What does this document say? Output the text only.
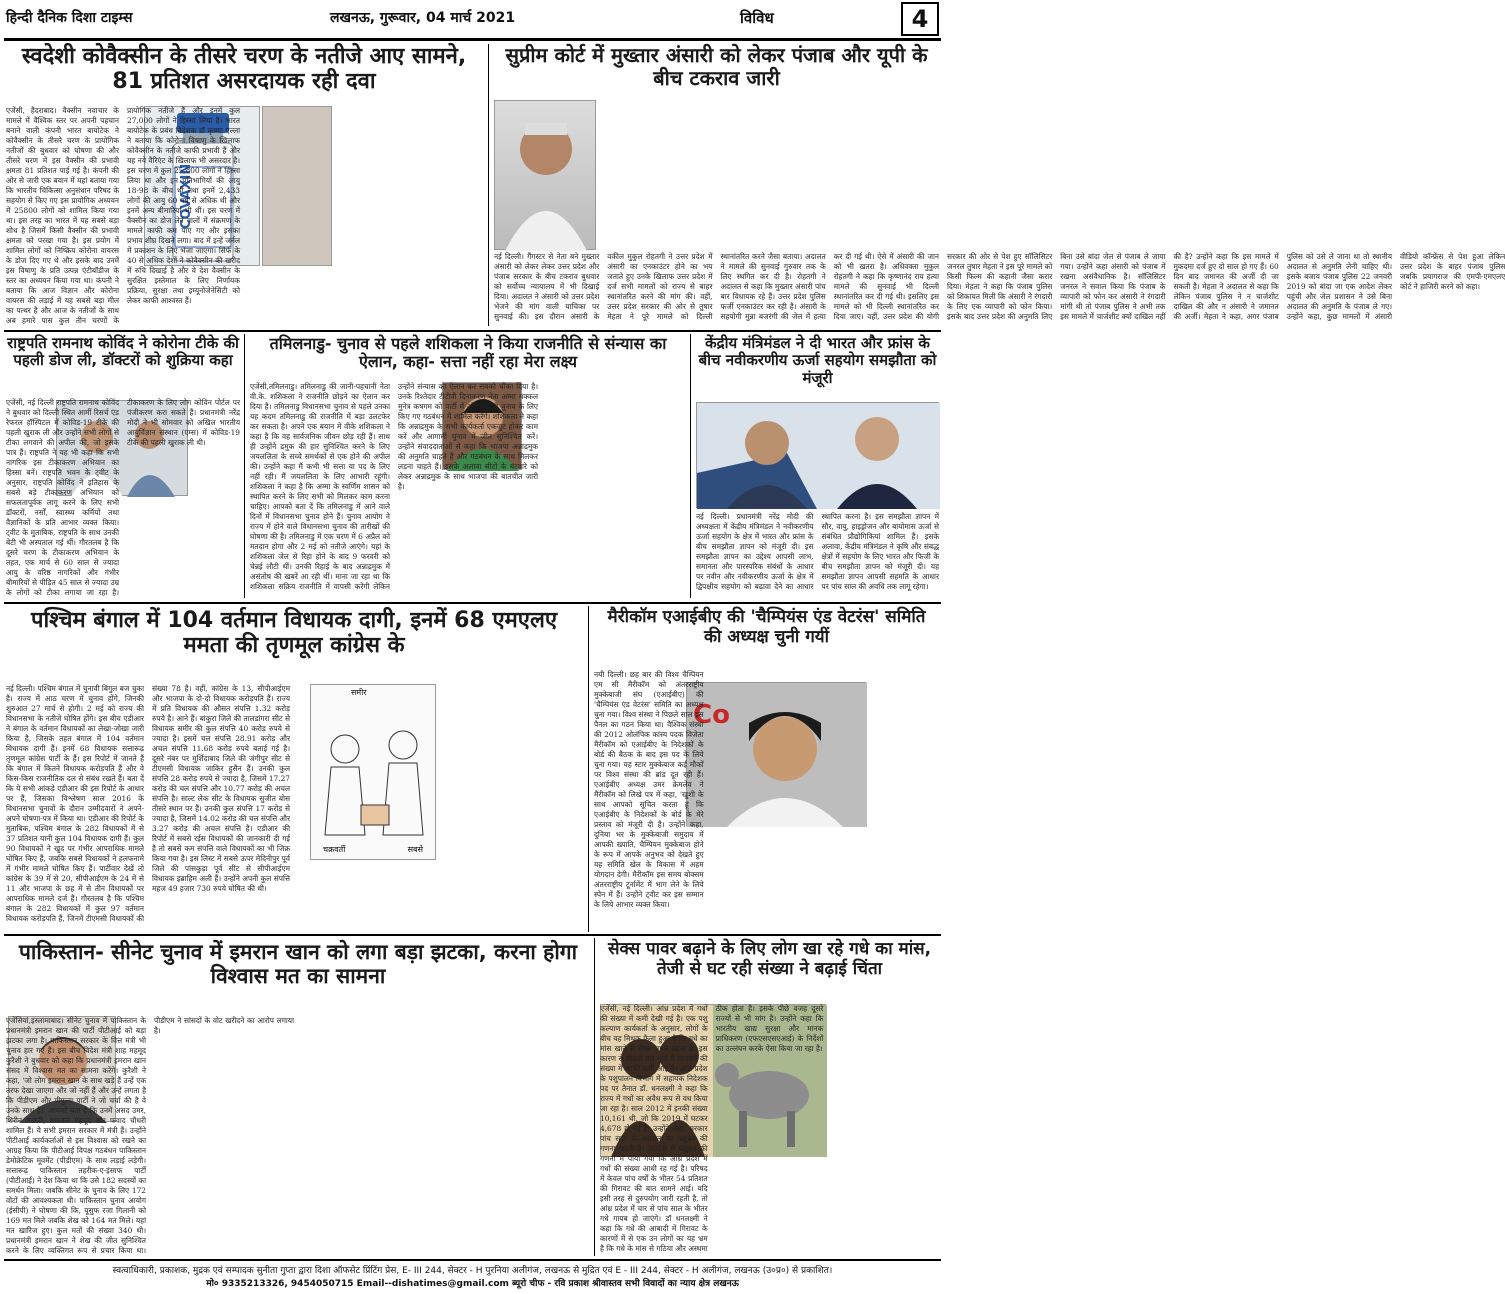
हिन्दी दैनिक दिशा टाइम्स	लखनऊ, गुरूवार, 04 मार्च 2021	विविध	4
स्वदेशी कोवैक्सीन के तीसरे चरण के नतीजे आए सामने, 81 प्रतिशत असरदायक रही दवा
COVAXIN
एजेंसी, हैदराबाद। वैक्सीन नवाचार के मामले में वैश्विक स्तर पर अपनी पहचान बनाने वाली कंपनी भारत बायोटेक ने कोवैक्सीन के तीसरे चरण के प्रायोगिक नतीजों की बुधवार को घोषणा की और तीसरे चरण में इस वैक्सीन की प्रभावी क्षमता 81 प्रतिशत पाई गई है। कंपनी की ओर से जारी एक बयान में यहां बताया गया कि भारतीय चिकित्सा अनुसंधान परिषद के सहयोग से किए गए इस प्रायोगिक अध्ययन में 25800 लोगों को शामिल किया गया था। इस तरह का भारत में यह सबसे बड़ा शोध है जिसमें किसी वैक्सीन की प्रभावी क्षमता को परखा गया है। इस प्रयोग में शामिल लोगों को निष्क्रिय कोरोना वायरस के डोज दिए गए थे और इसके बाद उनमें इस विषाणु के प्रति उत्पन्न एंटीबॉडीज के स्तर का अध्ययन किया गया था। कंपनी ने बताया कि आज विज्ञान और कोरोना वायरस की लड़ाई में यह सबसे बड़ा मील का पत्थर है और आज के नतीजों के साथ अब हमारे पास कुल तीन चरणों के प्रायोगिक नतीजे हैं और इनमें कुल 27,000 लोगों ने हिस्सा लिया है। भारत बायोटेक के प्रबंध निदेशक डॉ कृष्णा एल्ला ने बताया कि कोरोना विषाणु के खिलाफ कोवैक्सीन के नतीजे काफी प्रभावी हैं और यह नये वैरिएंट के खिलाफ भी असरदार है। इस चरण में कुल 25,800 लोगों ने हिस्सा लिया था और इन प्रतिभागियों की आयु 18-98 के बीच थी तथा इनमें 2,433 लोगों की आयु 60 वर्ष से अधिक थी और इनमें अन्य बीमारियां भी थीं। इस चरण में वैक्सीन का डोज लेने वालों में संक्रमण के मामले काफी कम पाए गए और इसका प्रभाव शीघ्र दिखने लगा। बाद में इन्हें जर्नल में प्रकाशन के लिए भेजा जाएगा। सिर्फ के 40 से अधिक देशों ने कोवैक्सीन की खरीद में रुचि दिखाई है और ये देश वैक्सीन के सुरक्षित इस्तेमाल के लिए निर्णायक प्रक्रिया, सुरक्षा तथा इम्यूनोजेनेसिटी को लेकर काफी आश्वस्त हैं।
सुप्रीम कोर्ट में मुख्तार अंसारी को लेकर पंजाब और यूपी के बीच टकराव जारी
नई दिल्ली। गैंगस्टर से नेता बने मुख्तार अंसारी को लेकर लेकर उत्तर प्रदेश और पंजाब सरकार के बीच टकराव बुधवार को सर्वोच्च न्यायालय में भी दिखाई दिया। अदालत ने अंसारी को उत्तर प्रदेश भेजने की मांग वाली याचिका पर सुनवाई की। इस दौरान अंसारी के वकील मुकुल रोहतगी ने उत्तर प्रदेश में अंसारी का एनकाउंटर होने का भय जताते हुए उनके खिलाफ उत्तर प्रदेश में दर्ज सभी मामलों को राज्य से बाहर स्थानांतरित करने की मांग की। वहीं, उत्तर प्रदेश सरकार की ओर से तुषार मेहता ने पूरे मामले को दिल्ली स्थानांतरित करने जैसा बताया। अदालत ने मामले की सुनवाई गुरुवार तक के लिए स्थगित कर दी है। रोहतगी ने अदालत से कहा कि मुख्तार अंसारी पांच बार विधायक रहे हैं। उत्तर प्रदेश पुलिस फर्जी एनकाउंटर कर रही है। अंसारी के सहयोगी मुन्ना बजरंगी की जेल में हत्या कर दी गई थी। ऐसे में अंसारी की जान को भी खतरा है। अधिवक्ता मुकुल रोहतगी ने कहा कि कृष्णानंद राय हत्या मामले की सुनवाई भी दिल्ली स्थानांतरित कर दी गई थी। इसलिए इस मामले को भी दिल्ली स्थानांतरित कर दिया जाए। वहीं, उत्तर प्रदेश की योगी सरकार की ओर से पेश हुए सॉलिसिटर जनरल तुषार मेहता ने इस पूरे मामले को किसी फिल्म की कहानी जैसा करार दिया। मेहता ने कहा कि पंजाब पुलिस को शिकायत मिली कि अंसारी ने रंगदारी के लिए एक व्यापारी को फोन किया। इसके बाद उत्तर प्रदेश की अनुमति लिए बिना उसे बांदा जेल से पंजाब ले जाया गया। उन्होंने कहा अंसारी को पंजाब में रखना असंवैधानिक है। सॉलिसिटर जनरल ने सवाल किया कि पंजाब के व्यापारी को फोन कर अंसारी ने रंगदारी मांगी थी तो पंजाब पुलिस ने अभी तक इस मामले में चार्जशीट क्यों दाखिल नहीं की है? उन्होंने कहा कि इस मामले में मुकदमा दर्ज हुए दो साल हो गए हैं। 60 दिन बाद जमानत की अर्जी दी जा सकती है। मेहता ने अदालत से कहा कि लेकिन पंजाब पुलिस ने न चार्जशीट दाखिल की और न अंसारी ने जमानत की अर्जी। मेहता ने कहा, अगर पंजाब पुलिस को उसे ले जाना था तो स्थानीय अदालत से अनुमति लेनी चाहिए थी। इसके बजाय पंजाब पुलिस 22 जनवरी 2019 को बांदा जा एक आदेश लेकर पहुंची और जेल प्रशासन ने उसे बिना अदालत की अनुमति के पंजाब ले गए। उन्होंने कहा, कुछ मामलों में अंसारी वीडियो कॉन्फ्रेंस से पेश हुआ लेकिन उत्तर प्रदेश के बाहर पंजाब पुलिस जबकि प्रयागराज की एमपी-एमएलए कोर्ट ने हाजिरी करने को कहा।
राष्ट्रपति रामनाथ कोविंद ने कोरोना टीके की पहली डोज ली, डॉक्टरों को शुक्रिया कहा
एजेंसी, नई दिल्ली राष्ट्रपति रामनाथ कोविंद ने बुधवार को दिल्ली स्थित आर्मी रिसर्च एंड रेफरल हॉस्पिटल में कोविड-19 टीके की पहली खुराक ली और उन्होंने सभी लोगों से टीका लगवाने की अपील की, जो इसके पात्र हैं। राष्ट्रपति ने यह भी कहा कि सभी नागरिक इस टीकाकरण अभियान का हिस्सा बनें। राष्ट्रपति भवन के ट्वीट के अनुसार, राष्ट्रपति कोविंद ने इतिहास के सबसे बड़े टीकाकरण अभियान को सफलतापूर्वक लागू करने के लिए सभी डॉक्टरों, नर्सों, स्वास्थ्य कर्मियों तथा वैज्ञानिकों के प्रति आभार व्यक्त किया। ट्वीट के मुताबिक, राष्ट्रपति के साथ उनकी बेटी भी अस्पताल गई थीं। गौरतलब है कि दूसरे चरण के टीकाकरण अभियान के तहत, एक मार्च से 60 साल से ज्यादा आयु के वरिष्ठ नागरिकों और गंभीर बीमारियों से पीड़ित 45 साल से ज्यादा उम्र के लोगों को टीका लगाया जा रहा है। टीकाकरण के लिए लोग कोविन पोर्टल पर पंजीकरण करा सकते हैं। प्रधानमंत्री नरेंद्र मोदी ने भी सोमवार को अखिल भारतीय आयुर्विज्ञान संस्थान (एम्स) में कोविड-19 टीके की पहली खुराक ली थी।
तमिलनाडु- चुनाव से पहले शशिकला ने किया राजनीति से संन्यास का ऐलान, कहा- सत्ता नहीं रहा मेरा लक्ष्य
एजेंसी,तमिलनाडु। तमिलनाडु की जानी-पहचानी नेता वी.के. शशिकला ने राजनीति छोड़ने का ऐलान कर दिया है। तमिलनाडु विधानसभा चुनाव से पहले उनका यह कदम तमिलनाडु की राजनीति में बड़ा उलटफेर कर सकता है। अपने एक बयान में वीके शशिकला ने कहा है कि वह सार्वजनिक जीवन छोड़ रही हैं। साथ ही उन्होंने द्रमुक की हार सुनिश्चित करने के लिए जयललिता के सच्चे समर्थकों से एक होने की अपील की। उन्होंने कहा मैं कभी भी सत्ता या पद के लिए नहीं रही। मैं जयललिता के लिए आभारी रहूंगी। शशिकला ने कहा है कि अम्मा के स्वर्णिम शासन को स्थापित करने के लिए सभी को मिलकर काम करना चाहिए। आपको बता दें कि तमिलनाडु में आने वाले दिनों में विधानसभा चुनाव होने हैं। चुनाव आयोग ने राज्य में होने वाले विधानसभा चुनाव की तारीखों की घोषणा की है। तमिलनाडु में एक चरण में 6 अप्रैल को मतदान होगा और 2 मई को नतीजे आएंगे। यहां के शशिकला जेल से रिहा होने के बाद 9 फरवरी को चेन्नई लौटी थीं। उनकी रिहाई के बाद अन्नाद्रमुक में असंतोष की खबरें आ रही थीं। माना जा रहा था कि शशिकला सक्रिय राजनीति में वापसी करेंगी लेकिन उन्होंने संन्यास का ऐलान कर सबको चौंका दिया है। उनके रिश्तेदार टीटीवी दिनाकरण नेता अम्मा मक्कल मुनेत्र कषगम को पार्टी में और वह भी चुनाव के लिए किए गए गठबंधन में शामिल करेंगे। शशिकला ने कहा कि अन्नाद्रमुक के सभी कार्यकर्ता एकजुट होकर काम करें और आगामी चुनाव में जीत सुनिश्चित करें। उन्होंने संवाददाताओं से कहा कि भाजपा अन्नाद्रमुक की अनुमति चाहते हैं और गठबंधन के साथ मिलकर लड़ना चाहते हैं। इसके अलावा सीटों के बंटवारे को लेकर अन्नाद्रमुक के साथ भाजपा की बातचीत जारी है।
केंद्रीय मंत्रिमंडल ने दी भारत और फ्रांस के बीच नवीकरणीय ऊर्जा सहयोग समझौता को मंजूरी
नई दिल्ली। प्रधानमंत्री नरेंद्र मोदी की अध्यक्षता में केंद्रीय मंत्रिमंडल ने नवीकरणीय ऊर्जा सहयोग के क्षेत्र में भारत और फ्रांस के बीच समझौता ज्ञापन को मंजूरी दी। इस समझौता ज्ञापन का उद्देश्य आपसी लाभ, समानता और पारस्परिक संबंधों के आधार पर नवीन और नवीकरणीय ऊर्जा के क्षेत्र में द्विपक्षीय सहयोग को बढ़ावा देने का आधार स्थापित करना है। इस समझौता ज्ञापन में सौर, वायु, हाइड्रोजन और बायोमास ऊर्जा से संबंधित प्रौद्योगिकियां शामिल हैं। इसके अलावा, केंद्रीय मंत्रिमंडल ने कृषि और संबद्ध क्षेत्रों में सहयोग के लिए भारत और फिजी के बीच समझौता ज्ञापन को मंजूरी दी। यह समझौता ज्ञापन आपसी सहमति के आधार पर पांच साल की अवधि तक लागू रहेगा।
पश्चिम बंगाल में 104 वर्तमान विधायक दागी, इनमें 68 एमएलए ममता की तृणमूल कांग्रेस के
समीर
चक्रवर्ती	सबसे
नई दिल्ली। पश्चिम बंगाल में चुनावी बिगुल बज चुका है। राज्य में आठ चरण में चुनाव होंगे, जिनकी शुरुआत 27 मार्च से होगी। 2 मई को राज्य की विधानसभा के नतीजे घोषित होंगे। इस बीच एडीआर ने बंगाल के वर्तमान विधायकों का लेखा-जोखा जारी किया है, जिसके तहत बंगाल में 104 वर्तमान विधायक दागी हैं। इनमें 68 विधायक सत्तारूढ़ तृणमूल कांग्रेस पार्टी के हैं। इस रिपोर्ट में जानते हैं कि बंगाल में कितने विधायक करोड़पति हैं और वे किस-किस राजनीतिक दल से संबंध रखते हैं। बता दें कि ये सभी आंकड़े एडीआर की इस रिपोर्ट के आधार पर हैं, जिसका विश्लेषण साल 2016 के विधानसभा चुनावों के दौरान उम्मीदवारों ने अपने-अपने घोषणा-पत्र में किया था। एडीआर की रिपोर्ट के मुताबिक, पश्चिम बंगाल के 282 विधायकों में से 37 प्रतिशत यानी कुल 104 विधायक दागी हैं। कुल 90 विधायकों ने खुद पर गंभीर आपराधिक मामले घोषित किए हैं, जबकि सबसे विधायकों ने हलफनामे में गंभीर मामले घोषित किए हैं। पार्टीवार देखें तो कांग्रेस के 39 में से 20, सीपीआईएम के 24 में से 11 और भाजपा के छह में से तीन विधायकों पर आपराधिक मामले दर्ज हैं। गौरतलब है कि पश्चिम बंगाल के 282 विधायकों में कुल 97 वर्तमान विधायक करोड़पति हैं, जिनमें टीएमसी विधायकों की संख्या 78 है। वहीं, कांग्रेस के 13, सीपीआईएम और भाजपा के दो-दो विधायक करोड़पति हैं। राज्य में प्रति विधायक की औसत संपत्ति 1.32 करोड़ रुपये है। आने हैं। बांकुरा जिले की तालडांगरा सीट से विधायक समीर की कुल संपत्ति 40 करोड़ रुपये से ज्यादा है। इसमें चल संपत्ति 28.91 करोड़ और अचल संपत्ति 11.68 करोड़ रुपये बताई गई है। दूसरे नंबर पर मुर्शिदाबाद जिले की जंगीपुर सीट से टीएमसी विधायक जाकिर हुसैन हैं। उनकी कुल संपत्ति 28 करोड़ रुपये से ज्यादा है, जिसमें 17.27 करोड़ की चल संपत्ति और 10.77 करोड़ की अचल संपत्ति है। साल्ट लेक सीट के विधायक सुजीत बोस तीसरे स्थान पर हैं। उनकी कुल संपत्ति 17 करोड़ से ज्यादा है, जिसमें 14.02 करोड़ की चल संपत्ति और 3.27 करोड़ की अचल संपत्ति है। एडीआर की रिपोर्ट में सबसे रईस विधायकों की जानकारी दी गई है तो सबसे कम संपत्ति वाले विधायकों का भी जिक्र किया गया है। इस लिस्ट में सबसे ऊपर मेदिनीपुर पूर्व जिले की पांसकुड़ा पूर्व सीट से सीपीआईएम विधायक इब्राहिम अली हैं। उन्होंने अपनी कुल संपत्ति महज 49 हजार 730 रुपये घोषित की थी।
मैरीकॉम एआईबीए की 'चैम्पियंस एंड वेटरंस' समिति की अध्यक्ष चुनी गयीं
Co
नयी दिल्ली। छह बार की विश्व चैम्पियन एम सी मैरीकॉम को अंतरराष्ट्रीय मुक्केबाजी संघ (एआईबीए) की 'चैम्पियंस एंड वेटरंस' समिति का अध्यक्ष चुना गया। विश्व संस्था ने पिछले साल इस पैनल का गठन किया था। वैश्विक संस्था की 2012 ओलंपिक कांस्य पदक विजेता मैरीकॉम को एआईबीए के निदेशकों के बोर्ड की बैठक के बाद इस पद के लिये चुना गया। यह स्टार मुक्केबाज कई मौकों पर विश्व संस्था की ब्रांड दूत रही हैं। एआईबीए अध्यक्ष उमर क्रेमलेव ने मैरीकॉम को लिखे पत्र में कहा, 'खुशी के साथ आपको सूचित करता हूं कि एआईबीए के निदेशकों के बोर्ड के मेरे प्रस्ताव को मंजूरी दी है। उन्होंने कहा, दुनिया भर के मुक्केबाजी समुदाय में आपकी ख्याति, चैम्पियन मुक्केबाज होने के रूप में आपके अनुभव को देखते हुए यह समिति खेल के विकास में अहम योगदान देगी। मैरीकॉम इस समय बोक्सम अंतरराष्ट्रीय टूर्नामेंट में भाग लेने के लिये स्पेन में हैं। उन्होंने ट्वीट कर इस सम्मान के लिये आभार व्यक्त किया।
पाकिस्तान- सीनेट चुनाव में इमरान खान को लगा बड़ा झटका, करना होगा विश्वास मत का सामना
एजेंसियां,इस्लामाबाद। सीनेट चुनाव में पाकिस्तान के प्रधानमंत्री इमरान खान की पार्टी पीटीआई को बड़ा झटका लगा है। पाकिस्तान सरकार के वित्त मंत्री भी चुनाव हार गए हैं। इस बीच विदेश मंत्री शाह महमूद कुरैशी ने बुधवार को कहा कि प्रधानमंत्री इमरान खान संसद में विश्वास मत का सामना करेंगे। कुरैशी ने कहा, 'जो लोग इमरान खान के साथ खड़े हैं उन्हें एक तरफ देखा जाएगा और जो नहीं हैं और उन्हें लगता है कि पीडीएम और पीपुल्स पार्टी ने जो चर्चा की है वे उनके साथ हैं।' आपको बता दें कि उनमें असद उमर, शिरीन मजारी, शफकत महमूद और फवाद चौधरी शामिल हैं। ये सभी इमरान सरकार में मंत्री हैं। उन्होंने पीटीआई कार्यकर्ताओं से इस विश्वास को रखने का आग्रह किया कि पीटीआई विपक्ष गठबंधन पाकिस्तान डेमोक्रेटिक मूवमेंट (पीडीएम) के साथ लड़ाई लड़ेगी। सत्तारूढ़ पाकिस्तान तहरीक-ए-इंसाफ पार्टी (पीटीआई) ने देश किया था कि उसे 182 सदस्यों का समर्थन मिला। जबकि सीनेट के चुनाव के लिए 172 वोटों की आवश्यकता थी। पाकिस्तान चुनाव आयोग (ईसीपी) ने घोषणा की कि, यूसुफ रजा गिलानी को 169 मत मिले जबकि शेख को 164 मत मिले। यहां मत खारिज हुए। कुल मतों की संख्या 340 थी। प्रधानमंत्री इमरान खान ने शेख की जीत सुनिश्चित करने के लिए व्यक्तिगत रूप से प्रचार किया था। पीडीएम ने सांसदों के वोट खरीदने का आरोप लगाया है।
सेक्स पावर बढ़ाने के लिए लोग खा रहे गधे का मांस, तेजी से घट रही संख्या ने बढ़ाई चिंता
एजेंसी, नई दिल्ली। आंध्र प्रदेश में गधों की संख्या में कमी देखी गई है। एक पशु कल्याण कार्यकर्ता के अनुसार, लोगों के बीच यह मिथक फैला हुआ है कि गधे का मांस खाने से सेक्स पावर बढ़ता है। इस कारण से पिछले चार वर्षों में जानवरों की संख्या में काफी कमी आई है। आंध्र प्रदेश के पशुपालन विभाग में सहायक निदेशक पद पर तैनात डॉ. धनलक्ष्मी ने कहा कि राज्य में गधों का अवैध रूप से वध किया जा रहा है। साल 2012 में इनकी संख्या 10,161 थी, जो कि 2019 में घटकर 4,678 हो गई है। उन्होंने कहा, सरकार पांच साल के अंतराल पर पशुधन की गणना करती है। 2019 में पशुधन की गणना में पाया गया कि आंध्र प्रदेश में गधों की संख्या आधी रह गई है। परिषद में केवल पांच वर्षों के भीतर 54 प्रतिशत की गिरावट की बात सामने आई। यदि इसी तरह से दुरुपयोग जारी रहती है, तो आंध्र प्रदेश में चार से पांच साल के भीतर गधे गायब हो जाएंगे। डॉ धनलक्ष्मी ने कहा कि गधे की आबादी में गिरावट के कारणों में से एक उन लोगों का यह भ्रम है कि गधे के मांस से गठिया और अस्थमा ठीक होता है। इसके पीछे वजह दूसरे राज्यों से भी मांग है। उन्होंने कहा कि भारतीय खाद्य सुरक्षा और मानक प्राधिकरण (एफएसएसएआई) के निर्देशों का उल्लंघन करके ऐसा किया जा रहा है।
स्वत्वाधिकारी, प्रकाशक, मुद्रक एवं सम्पादक सुनीता गुप्ता द्वारा दिशा ऑफसेट प्रिंटिंग प्रेस, E- III 244, सेक्टर - H पुरनिया अलीगंज, लखनऊ से मुद्रित एवं E - III 244, सेक्टर - H अलीगंज, लखनऊ (उ०प्र०) से प्रकाशित।
मो० 9335213326, 9454050715 Email--dishatimes@gmail.com ब्यूरो चीफ - रवि प्रकाश श्रीवास्तव सभी विवादों का न्याय क्षेत्र लखनऊ
